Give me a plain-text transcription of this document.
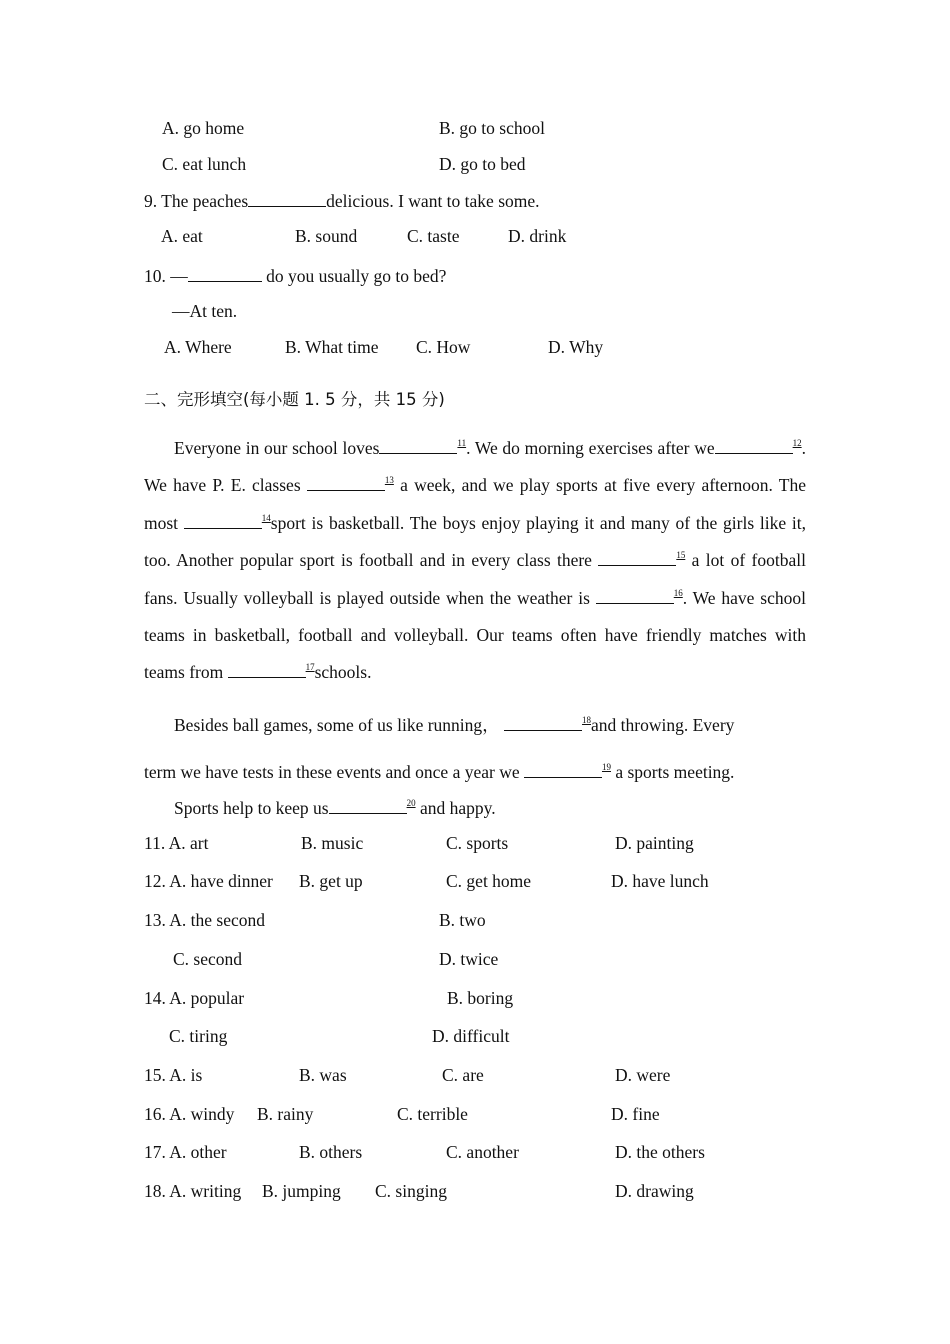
A. go home	B. go to school
C. eat lunch	D. go to bed
9. The peaches	delicious. I want to take some.
A. eat	B. sound	C. taste	D. drink
10. —	do you usually go to bed?
—At ten.
A. Where	B. What time C. How	D. Why
二、完形填空(每小题 1. 5 分，共 15 分)
Everyone in our school loves	$^{11}$. We do morning exercises after we	$^{12}$. We have P. E. classes	$^{13}$ a week, and we play sports at five every afternoon. The most	$^{14}$sport is basketball. The boys enjoy playing it and many of the girls like it, too. Another popular sport is football and in every class there	$^{15}$ a lot of football fans. Usually volleyball is played outside when the weather is	$^{16}$. We have school teams in basketball, football and volleyball. Our teams often have friendly matches with teams from	$^{17}$schools.
Besides ball games, some of us like running，	$^{18}$and throwing. Every
term we have tests in these events and once a year we	$^{19}$ a sports meeting.
Sports help to keep us	$^{20}$ and happy.
11. A. art	B. music	C. sports	D. painting
12. A. have dinner B. get up	C. get home	D. have lunch
13. A. the second	B. two
C. second	D. twice
14. A. popular	B. boring
C. tiring	D. difficult
15. A. is	B. was	C. are	D. were
16. A. windy B. rainy	C. terrible	D. fine
17. A. other	B. others	C. another	D. the others
18. A. writing B. jumping C. singing	D. drawing
